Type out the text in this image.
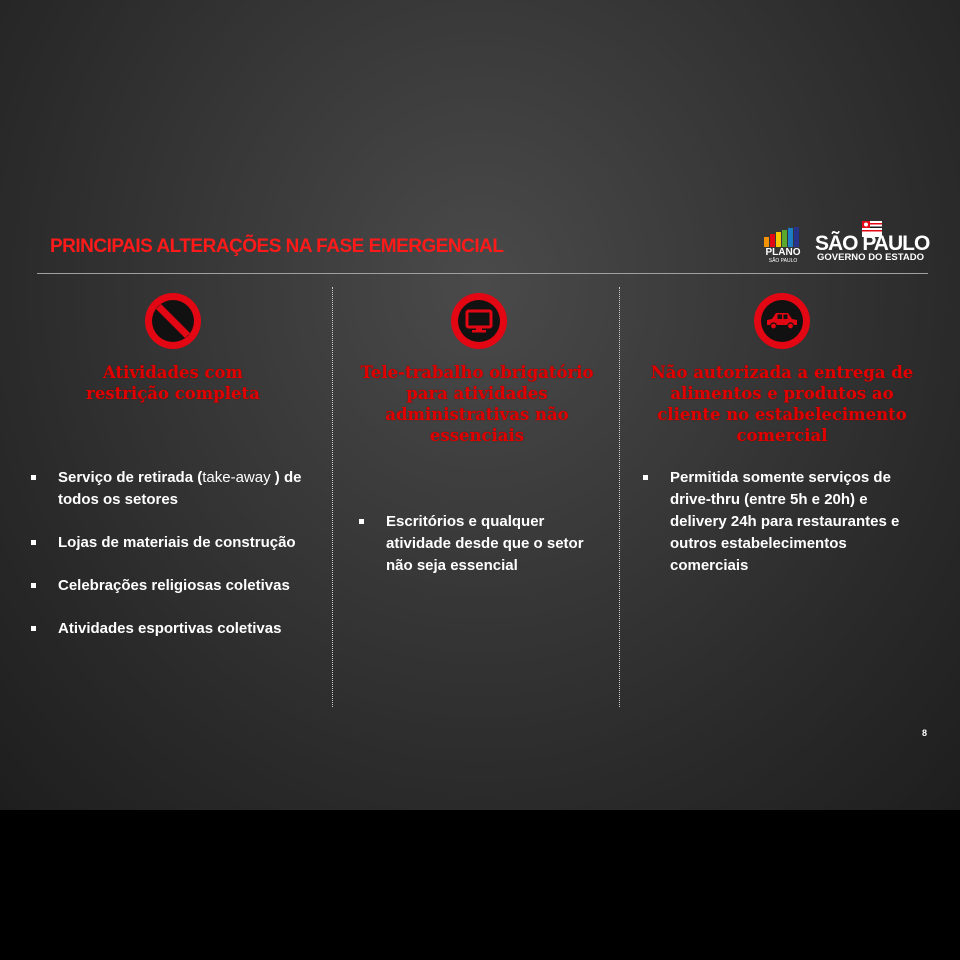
PRINCIPAIS ALTERAÇÕES NA FASE EMERGENCIAL	PLANO
SÃO PAULO
SÃO PAULO
GOVERNO DO ESTADO
Atividades com restrição completa
Serviço de retirada (take-away ) de todos os setores
Lojas de materiais de construção
Celebrações religiosas coletivas
Atividades esportivas coletivas
Tele-trabalho obrigatório para atividades administrativas não essenciais
Escritórios e qualquer atividade desde que o setor não seja essencial
Não autorizada a entrega de alimentos e produtos ao cliente no estabelecimento comercial
Permitida somente serviços de drive-thru (entre 5h e 20h) e delivery 24h para restaurantes e outros estabelecimentos comerciais
8
